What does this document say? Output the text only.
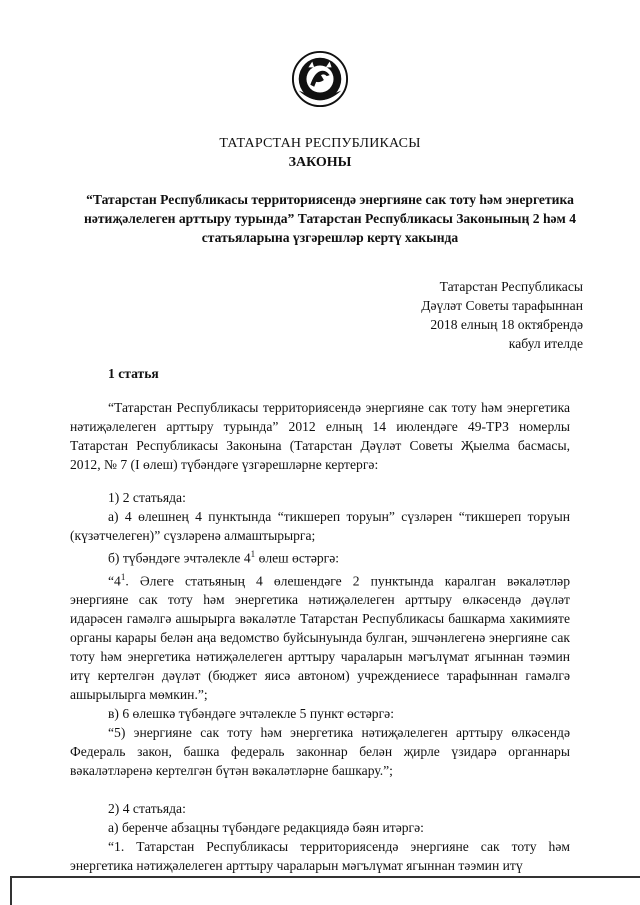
ТАТАРСТАН РЕСПУБЛИКАСЫ
ЗАКОНЫ
“Татарстан Республикасы территориясендә энергияне сак тоту һәм энергетика нәтиҗәлелеген арттыру турында” Татарстан Республикасы Законының 2 һәм 4 статьяларына үзгәрешләр кертү хакында
Татарстан Республикасы
Дәүләт Советы тарафыннан
2018 елның 18 октябрендә
кабул ителде
1 статья

“Татарстан Республикасы территориясендә энергияне сак тоту һәм энергетика нәтиҗәлелеген арттыру турында” 2012 елның 14 июлендәге 49-ТРЗ номерлы Татарстан Республикасы Законына (Татарстан Дәүләт Советы Җыелма басмасы, 2012, № 7 (I өлеш) түбәндәге үзгәрешләрне кертергә:

1) 2 статьяда:

а) 4 өлешнең 4 пунктында “тикшереп торуын” сүзләрен “тикшереп торуын (күзәтчелеген)” сүзләренә алмаштырырга;

б) түбәндәге эчтәлекле $4^1$ өлеш өстәргә:

“$4^1$. Әлеге статьяның 4 өлешендәге 2 пунктында каралган вәкаләтләр энергияне сак тоту һәм энергетика нәтиҗәлелеген арттыру өлкәсендә дәүләт идарәсен гамәлгә ашырырга вәкаләтле Татарстан Республикасы башкарма хакимияте органы карары белән аңа ведомство буйсынуында булган, эшчәнлегенә энергияне сак тоту һәм энергетика нәтиҗәлелеген арттыру чараларын мәгълүмат ягыннан тәэмин итү кертелгән дәүләт (бюджет яисә автоном) учреждениесе тарафыннан гамәлгә ашырылырга мөмкин.”;

в) 6 өлешкә түбәндәге эчтәлекле 5 пункт өстәргә:

“5) энергияне сак тоту һәм энергетика нәтиҗәлелеген арттыру өлкәсендә Федераль закон, башка федераль законнар белән җирле үзидарә органнары вәкаләтләренә кертелгән бүтән вәкаләтләрне башкару.”;

2) 4 статьяда:

а) беренче абзацны түбәндәге редакциядә бәян итәргә:

“1. Татарстан Республикасы территориясендә энергияне сак тоту һәм энергетика нәтиҗәлелеген арттыру чараларын мәгълүмат ягыннан тәэмин итү
